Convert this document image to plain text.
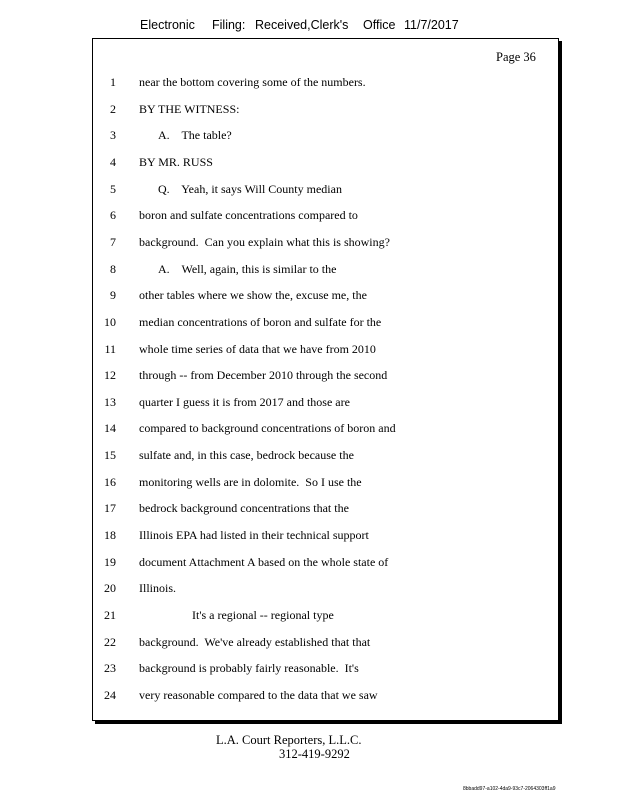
Electronic Filing: Received,Clerk's Office 11/7/2017
Page 36
1 near the bottom covering some of the numbers.
2 BY THE WITNESS:
3	A.    The table?
4 BY MR. RUSS
5	Q.    Yeah, it says Will County median
6 boron and sulfate concentrations compared to
7 background.  Can you explain what this is showing?
8	A.    Well, again, this is similar to the
9 other tables where we show the, excuse me, the
10 median concentrations of boron and sulfate for the
11 whole time series of data that we have from 2010
12 through -- from December 2010 through the second
13 quarter I guess it is from 2017 and those are
14 compared to background concentrations of boron and
15 sulfate and, in this case, bedrock because the
16 monitoring wells are in dolomite.  So I use the
17 bedrock background concentrations that the
18 Illinois EPA had listed in their technical support
19 document Attachment A based on the whole state of
20 Illinois.
21	It's a regional -- regional type
22 background.  We've already established that that
23 background is probably fairly reasonable.  It's
24 very reasonable compared to the data that we saw
L.A. Court Reporters, L.L.C.
312-419-9292
8bbadd97-a102-4da9-93c7-2064303ff1a9
